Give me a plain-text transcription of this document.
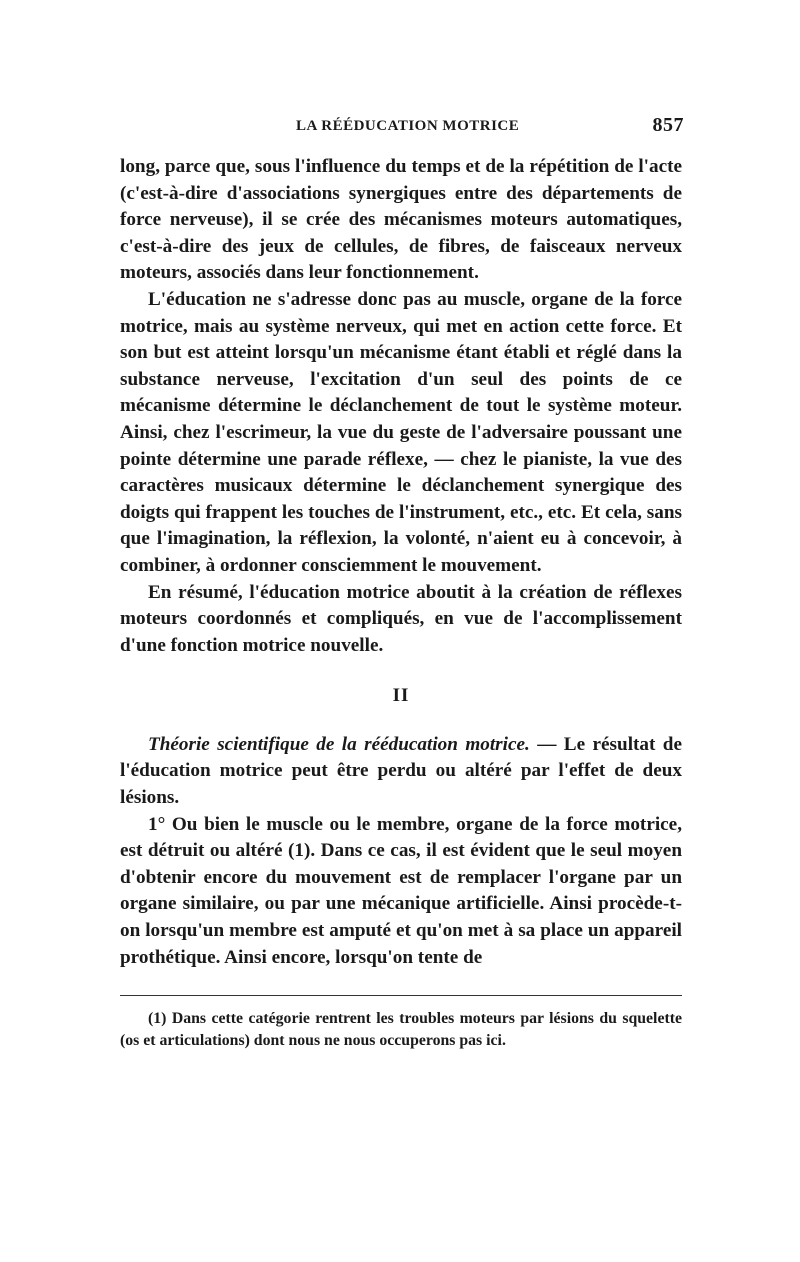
LA RÉÉDUCATION MOTRICE	857

long, parce que, sous l'influence du temps et de la répétition de l'acte (c'est-à-dire d'associations synergiques entre des départements de force nerveuse), il se crée des mécanismes moteurs automatiques, c'est-à-dire des jeux de cellules, de fibres, de faisceaux nerveux moteurs, associés dans leur fonctionnement.

L'éducation ne s'adresse donc pas au muscle, organe de la force motrice, mais au système nerveux, qui met en action cette force. Et son but est atteint lorsqu'un mécanisme étant établi et réglé dans la substance nerveuse, l'excitation d'un seul des points de ce mécanisme détermine le déclanchement de tout le système moteur. Ainsi, chez l'escrimeur, la vue du geste de l'adversaire poussant une pointe détermine une parade réflexe, — chez le pianiste, la vue des caractères musicaux détermine le déclanchement synergique des doigts qui frappent les touches de l'instrument, etc., etc. Et cela, sans que l'imagination, la réflexion, la volonté, n'aient eu à concevoir, à combiner, à ordonner consciemment le mouvement.

En résumé, l'éducation motrice aboutit à la création de réflexes moteurs coordonnés et compliqués, en vue de l'accomplissement d'une fonction motrice nouvelle.

II

Théorie scientifique de la rééducation motrice. — Le résultat de l'éducation motrice peut être perdu ou altéré par l'effet de deux lésions.

1° Ou bien le muscle ou le membre, organe de la force motrice, est détruit ou altéré (1). Dans ce cas, il est évident que le seul moyen d'obtenir encore du mouvement est de remplacer l'organe par un organe similaire, ou par une mécanique artificielle. Ainsi procède-t-on lorsqu'un membre est amputé et qu'on met à sa place un appareil prothétique. Ainsi encore, lorsqu'on tente de

(1) Dans cette catégorie rentrent les troubles moteurs par lésions du squelette (os et articulations) dont nous ne nous occuperons pas ici.
